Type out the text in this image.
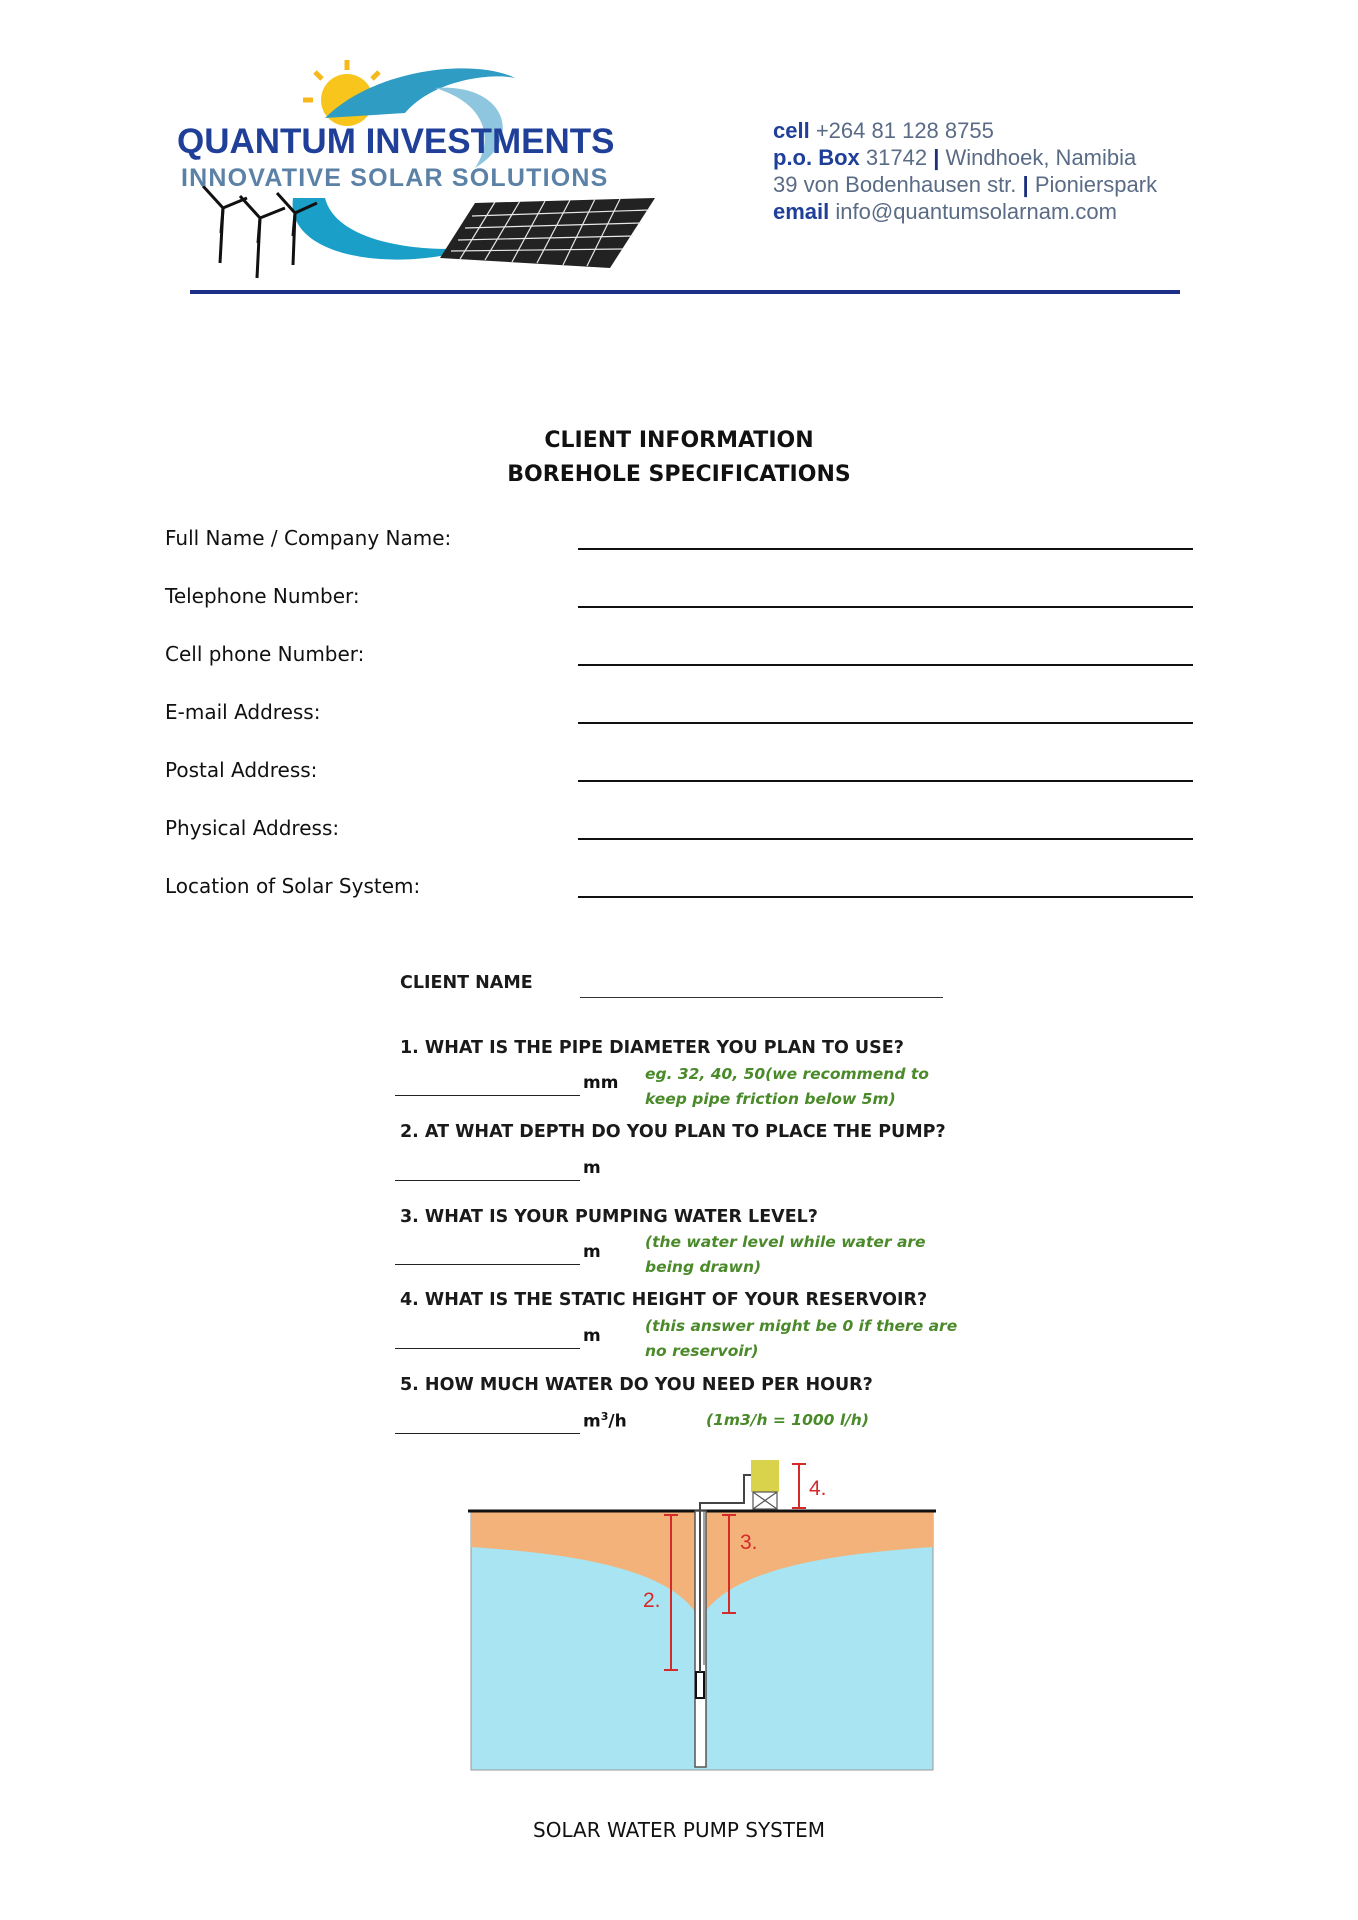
QUANTUM INVESTMENTS
INNOVATIVE SOLAR SOLUTIONS
cell +264 81 128 8755
p.o. Box 31742 | Windhoek, Namibia
39 von Bodenhausen str. | Pionierspark
email info@quantumsolarnam.com
CLIENT INFORMATION
BOREHOLE SPECIFICATIONS
Full Name / Company Name:
Telephone Number:
Cell phone Number:
E-mail Address:
Postal Address:
Physical Address:
Location of Solar System:
CLIENT NAME
1. WHAT IS THE PIPE DIAMETER YOU PLAN TO USE?
mm eg. 32, 40, 50(we recommend to
keep pipe friction below 5m)
2. AT WHAT DEPTH DO YOU PLAN TO PLACE THE PUMP?
m
3. WHAT IS YOUR PUMPING WATER LEVEL?
m	(the water level while water are
being drawn)
4. WHAT IS THE STATIC HEIGHT OF YOUR RESERVOIR?
m	(this answer might be 0 if there are
no reservoir)
5. HOW MUCH WATER DO YOU NEED PER HOUR?
$m^3/h$	(1m3/h = 1000 l/h)
2.
3.
4.
SOLAR WATER PUMP SYSTEM
